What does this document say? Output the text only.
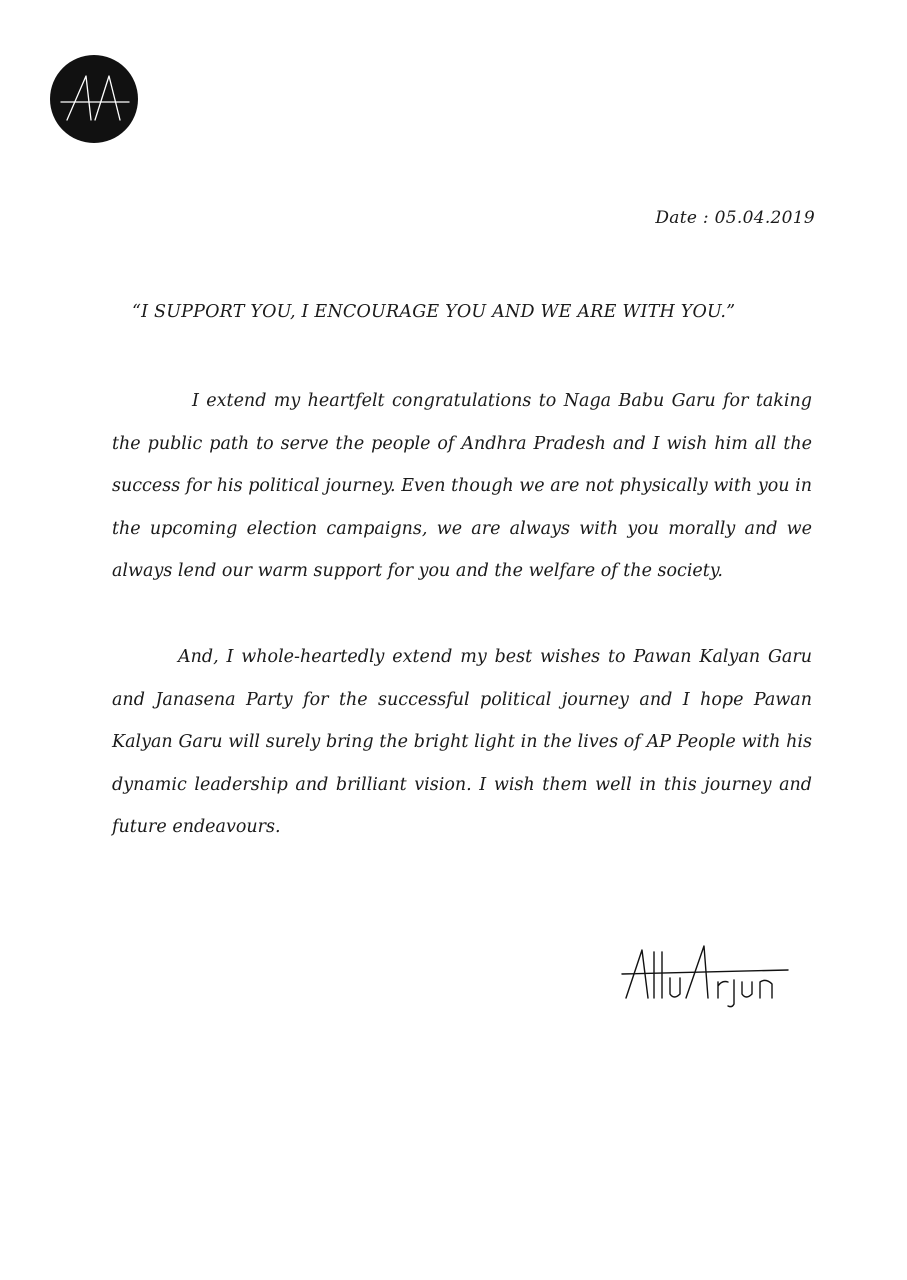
Date : 05.04.2019
“I SUPPORT YOU, I ENCOURAGE YOU AND WE ARE WITH YOU.”

I extend my heartfelt congratulations to Naga Babu Garu for taking the public path to serve the people of Andhra Pradesh and I wish him all the success for his political journey. Even though we are not physically with you in the upcoming election campaigns, we are always with you morally and we always lend our warm support for you and the welfare of the society.

And, I whole-heartedly extend my best wishes to Pawan Kalyan Garu and Janasena Party for the successful political journey and I hope Pawan Kalyan Garu will surely bring the bright light in the lives of AP People with his dynamic leadership and brilliant vision. I wish them well in this journey and future endeavours.
